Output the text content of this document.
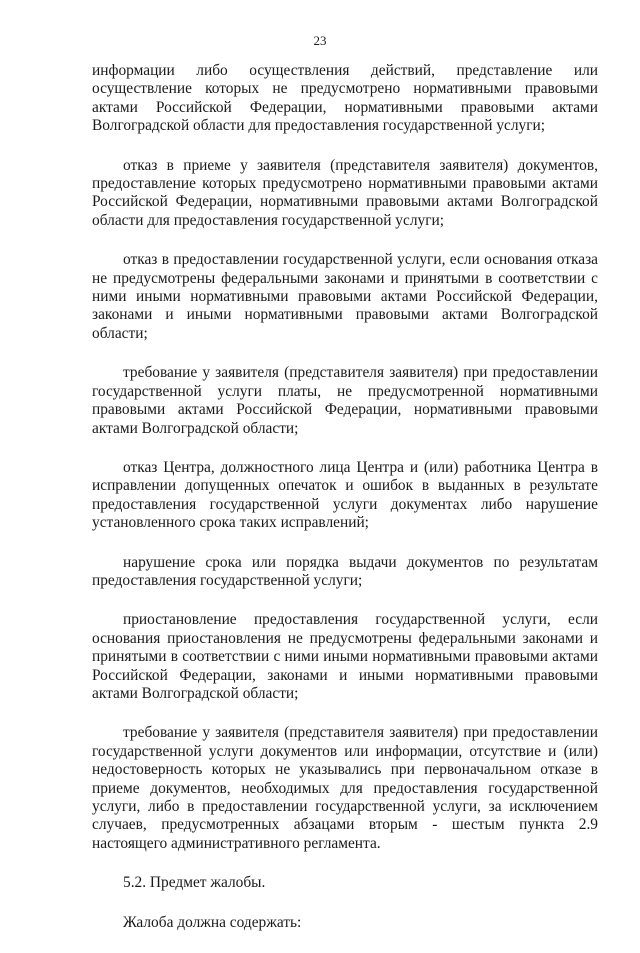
23

информации либо осуществления действий, представление или осуществление которых не предусмотрено нормативными правовыми актами Российской Федерации, нормативными правовыми актами Волгоградской области для предоставления государственной услуги;

отказ в приеме у заявителя (представителя заявителя) документов, предоставление которых предусмотрено нормативными правовыми актами Российской Федерации, нормативными правовыми актами Волгоградской области для предоставления государственной услуги;

отказ в предоставлении государственной услуги, если основания отказа не предусмотрены федеральными законами и принятыми в соответствии с ними иными нормативными правовыми актами Российской Федерации, законами и иными нормативными правовыми актами Волгоградской области;

требование у заявителя (представителя заявителя) при предоставлении государственной услуги платы, не предусмотренной нормативными правовыми актами Российской Федерации, нормативными правовыми актами Волгоградской области;

отказ Центра, должностного лица Центра и (или) работника Центра в исправлении допущенных опечаток и ошибок в выданных в результате предоставления государственной услуги документах либо нарушение установленного срока таких исправлений;

нарушение срока или порядка выдачи документов по результатам предоставления государственной услуги;

приостановление предоставления государственной услуги, если основания приостановления не предусмотрены федеральными законами и принятыми в соответствии с ними иными нормативными правовыми актами Российской Федерации, законами и иными нормативными правовыми актами Волгоградской области;

требование у заявителя (представителя заявителя) при предоставлении государственной услуги документов или информации, отсутствие и (или) недостоверность которых не указывались при первоначальном отказе в приеме документов, необходимых для предоставления государственной услуги, либо в предоставлении государственной услуги, за исключением случаев, предусмотренных абзацами вторым - шестым пункта 2.9 настоящего административного регламента.

5.2. Предмет жалобы.

Жалоба должна содержать:
